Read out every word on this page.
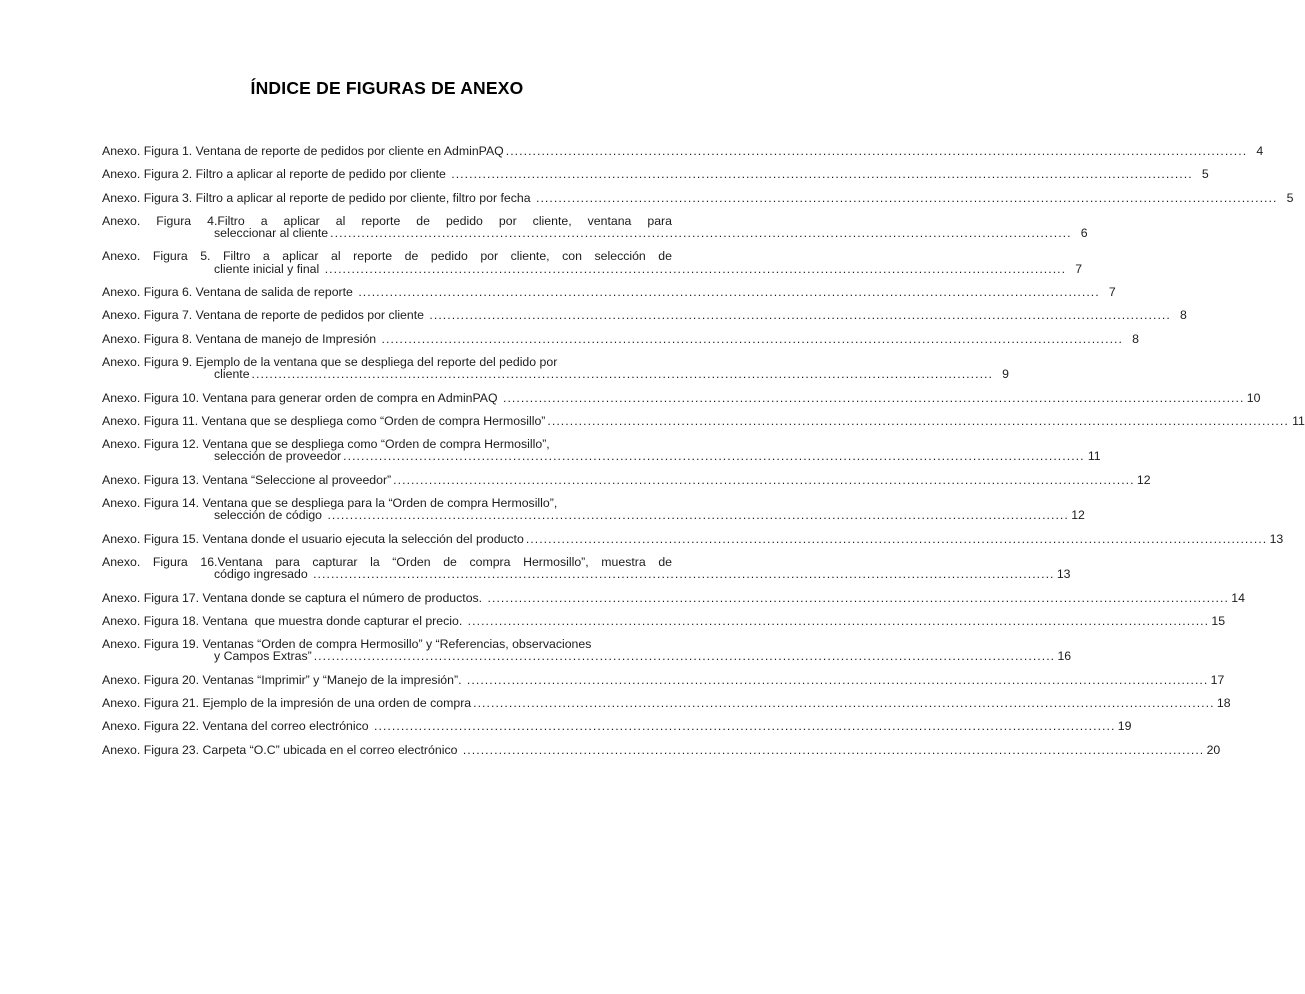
ÍNDICE DE FIGURAS DE ANEXO
Anexo. Figura 1. Ventana de reporte de pedidos por cliente en AdminPAQ .....	4
Anexo. Figura 2. Filtro a aplicar al reporte de pedido por cliente .....	5
Anexo. Figura 3. Filtro a aplicar al reporte de pedido por cliente, filtro por fecha .....	5
Anexo. Figura 4.Filtro a aplicar al reporte de pedido por cliente, ventana para
seleccionar al cliente .....	6
Anexo. Figura 5. Filtro a aplicar al reporte de pedido por cliente, con selección de
cliente inicial y final .....	7
Anexo. Figura 6. Ventana de salida de reporte .....	7
Anexo. Figura 7. Ventana de reporte de pedidos por cliente .....	8
Anexo. Figura 8. Ventana de manejo de Impresión .....	8
Anexo. Figura 9. Ejemplo de la ventana que se despliega del reporte del pedido por
cliente .....	9
Anexo. Figura 10. Ventana para generar orden de compra en AdminPAQ .....	10
Anexo. Figura 11. Ventana que se despliega como “Orden de compra Hermosillo” .....	11
Anexo. Figura 12. Ventana que se despliega como “Orden de compra Hermosillo”,
selección de proveedor .....	11
Anexo. Figura 13. Ventana “Seleccione al proveedor” .....	12
Anexo. Figura 14. Ventana que se despliega para la “Orden de compra Hermosillo”,
selección de código .....	12
Anexo. Figura 15. Ventana donde el usuario ejecuta la selección del producto .....	13
Anexo. Figura 16.Ventana para capturar la “Orden de compra Hermosillo”, muestra de
código ingresado .....	13
Anexo. Figura 17. Ventana donde se captura el número de productos. .....	14
Anexo. Figura 18. Ventana  que muestra donde capturar el precio. .....	15
Anexo. Figura 19. Ventanas “Orden de compra Hermosillo” y “Referencias, observaciones
y Campos Extras” .....	16
Anexo. Figura 20. Ventanas “Imprimir” y “Manejo de la impresión”. .....	17
Anexo. Figura 21. Ejemplo de la impresión de una orden de compra .....	18
Anexo. Figura 22. Ventana del correo electrónico .....	19
Anexo. Figura 23. Carpeta “O.C” ubicada en el correo electrónico .....	20
